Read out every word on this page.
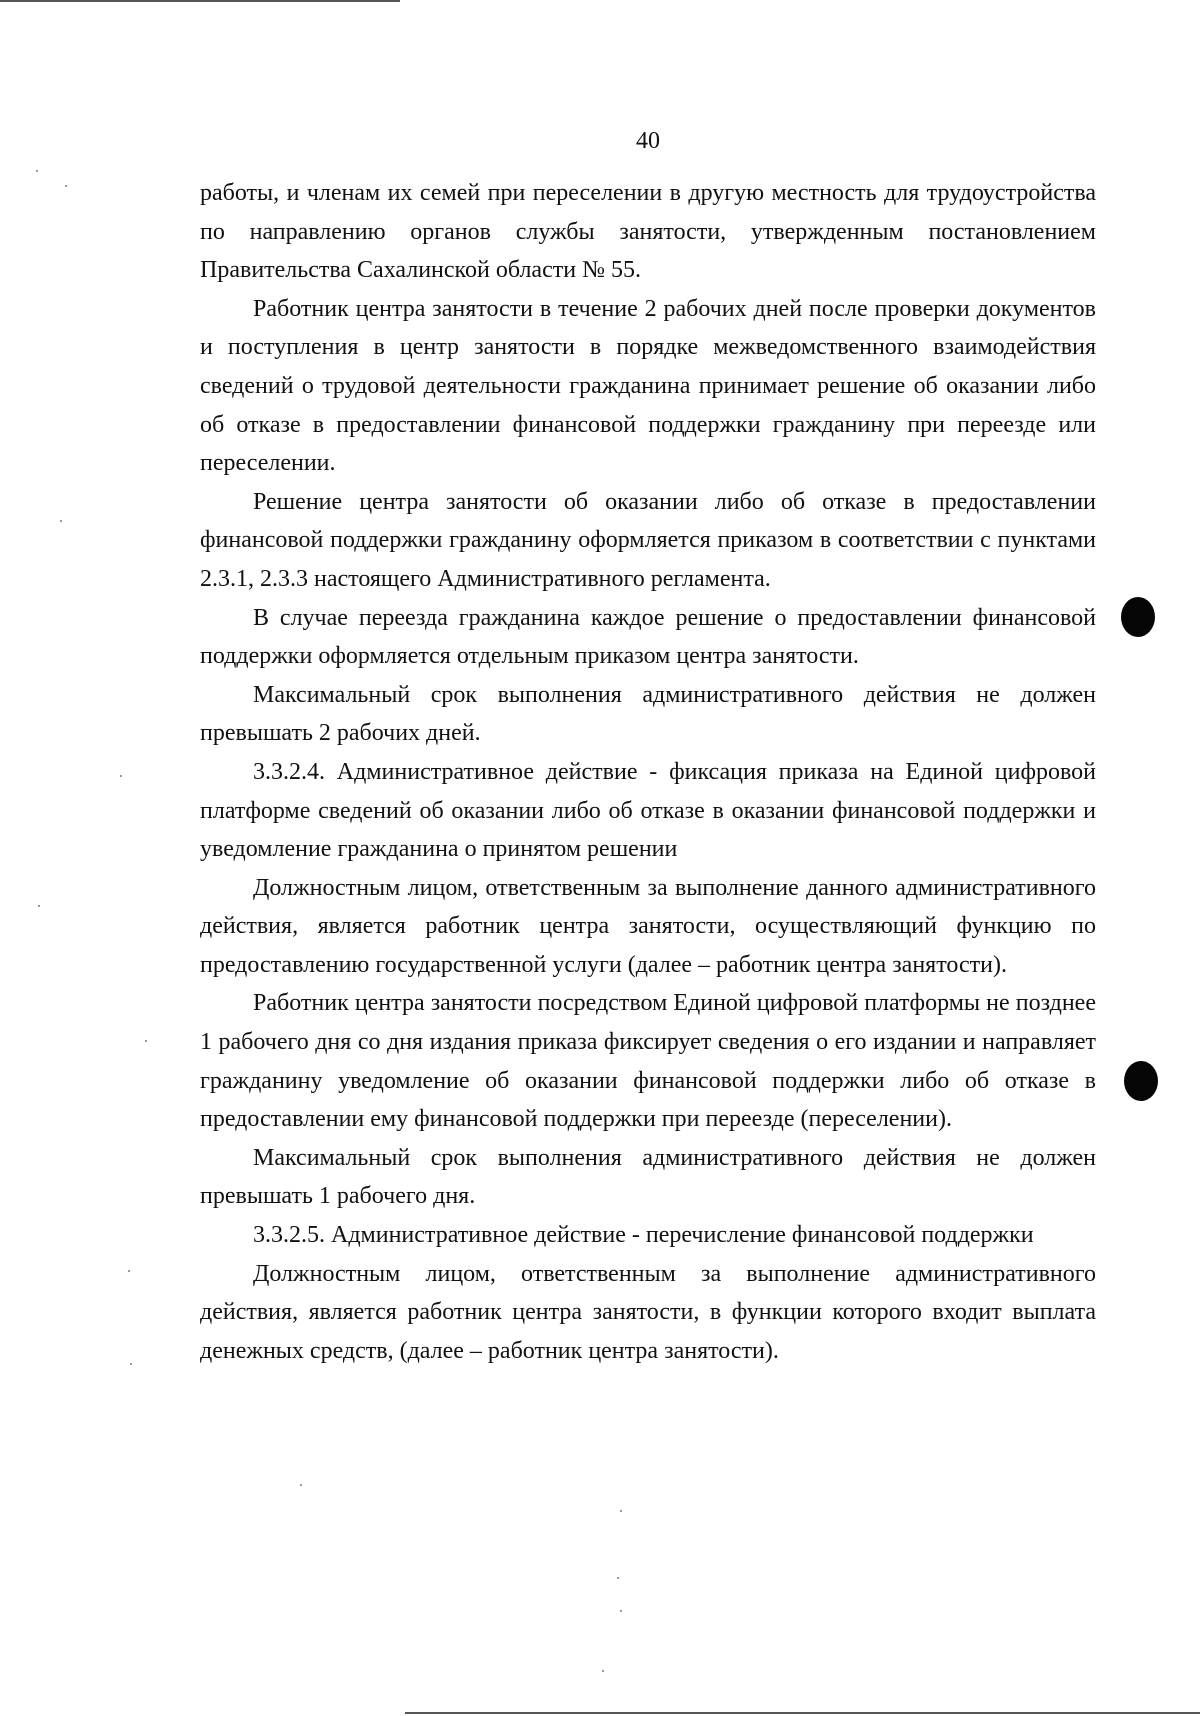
40

работы, и членам их семей при переселении в другую местность для трудоустройства по направлению органов службы занятости, утвержденным постановлением Правительства Сахалинской области № 55.

Работник центра занятости в течение 2 рабочих дней после проверки документов и поступления в центр занятости в порядке межведомственного взаимодействия сведений о трудовой деятельности гражданина принимает решение об оказании либо об отказе в предоставлении финансовой поддержки гражданину при переезде или переселении.

Решение центра занятости об оказании либо об отказе в предоставлении финансовой поддержки гражданину оформляется приказом в соответствии с пунктами 2.3.1, 2.3.3 настоящего Административного регламента.

В случае переезда гражданина каждое решение о предоставлении финансовой поддержки оформляется отдельным приказом центра занятости.

Максимальный срок выполнения административного действия не должен превышать 2 рабочих дней.

3.3.2.4. Административное действие - фиксация приказа на Единой цифровой платформе сведений об оказании либо об отказе в оказании финансовой поддержки и уведомление гражданина о принятом решении

Должностным лицом, ответственным за выполнение данного административного действия, является работник центра занятости, осуществляющий функцию по предоставлению государственной услуги (далее – работник центра занятости).

Работник центра занятости посредством Единой цифровой платформы не позднее 1 рабочего дня со дня издания приказа фиксирует сведения о его издании и направляет гражданину уведомление об оказании финансовой поддержки либо об отказе в предоставлении ему финансовой поддержки при переезде (переселении).

Максимальный срок выполнения административного действия не должен превышать 1 рабочего дня.

3.3.2.5. Административное действие - перечисление финансовой поддержки

Должностным лицом, ответственным за выполнение административного действия, является работник центра занятости, в функции которого входит выплата денежных средств, (далее – работник центра занятости).
